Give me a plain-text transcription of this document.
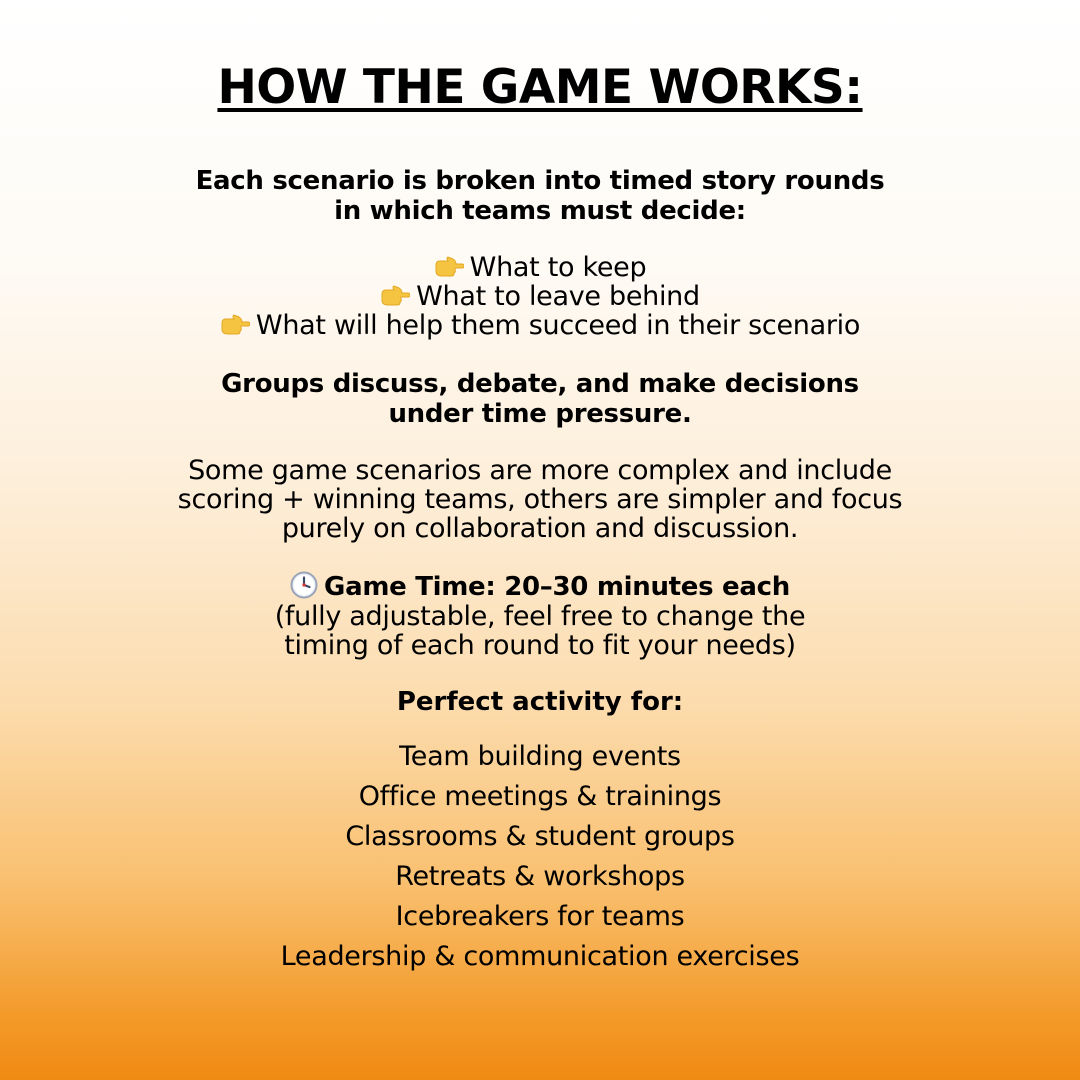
HOW THE GAME WORKS:
Each scenario is broken into timed story rounds
in which teams must decide:
What to keep
What to leave behind
What will help them succeed in their scenario
Groups discuss, debate, and make decisions
under time pressure.
Some game scenarios are more complex and include
scoring + winning teams, others are simpler and focus
purely on collaboration and discussion.
Game Time: 20–30 minutes each
(fully adjustable, feel free to change the
timing of each round to fit your needs)
Perfect activity for:
Team building events
Office meetings & trainings
Classrooms & student groups
Retreats & workshops
Icebreakers for teams
Leadership & communication exercises
